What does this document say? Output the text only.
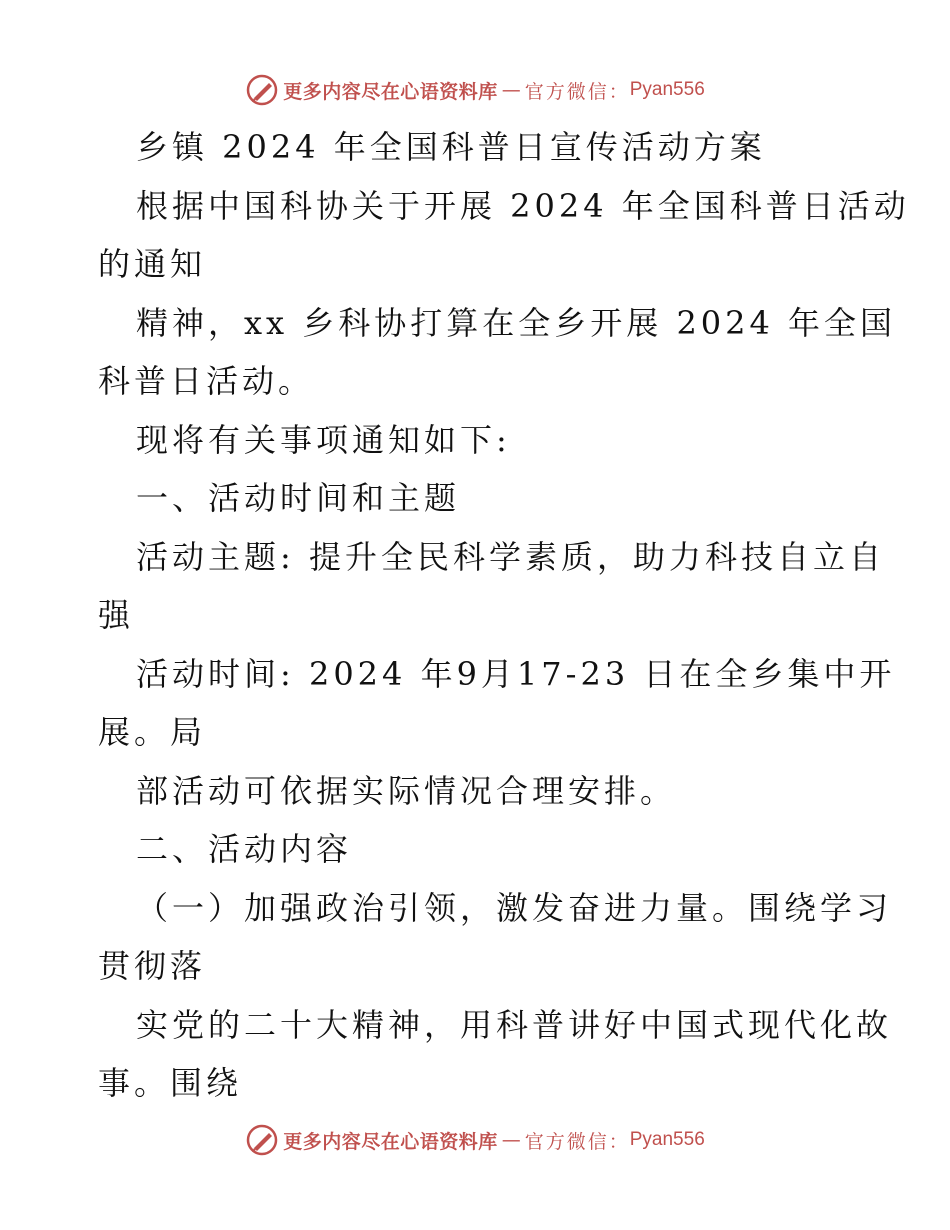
更多内容尽在心语资料库 — 官方微信： Pyan556
乡镇 2024 年全国科普日宣传活动方案
根据中国科协关于开展 2024 年全国科普日活动
的通知
精神，xx 乡科协打算在全乡开展 2024 年全国
科普日活动。
现将有关事项通知如下:
一、活动时间和主题
活动主题: 提升全民科学素质，助力科技自立自
强
活动时间: 2024 年9月17-23 日在全乡集中开
展。局
部活动可依据实际情况合理安排。
二、活动内容
（一）加强政治引领，激发奋进力量。围绕学习
贯彻落
实党的二十大精神，用科普讲好中国式现代化故
事。围绕
更多内容尽在心语资料库 — 官方微信： Pyan556
